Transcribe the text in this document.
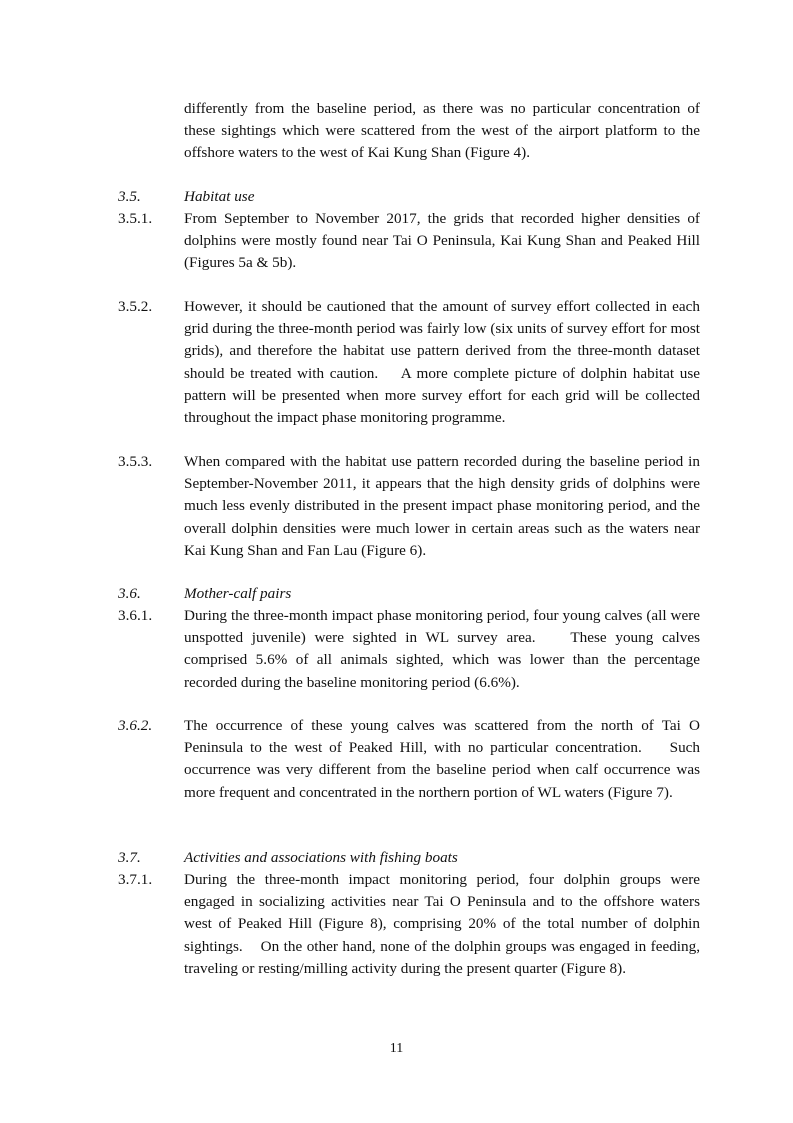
differently from the baseline period, as there was no particular concentration of these sightings which were scattered from the west of the airport platform to the offshore waters to the west of Kai Kung Shan (Figure 4).
3.5.	Habitat use
3.5.1.	From September to November 2017, the grids that recorded higher densities of dolphins were mostly found near Tai O Peninsula, Kai Kung Shan and Peaked Hill (Figures 5a & 5b).
3.5.2.	However, it should be cautioned that the amount of survey effort collected in each grid during the three-month period was fairly low (six units of survey effort for most grids), and therefore the habitat use pattern derived from the three-month dataset should be treated with caution.    A more complete picture of dolphin habitat use pattern will be presented when more survey effort for each grid will be collected throughout the impact phase monitoring programme.
3.5.3.	When compared with the habitat use pattern recorded during the baseline period in September-November 2011, it appears that the high density grids of dolphins were much less evenly distributed in the present impact phase monitoring period, and the overall dolphin densities were much lower in certain areas such as the waters near Kai Kung Shan and Fan Lau (Figure 6).
3.6.	Mother-calf pairs
3.6.1.	During the three-month impact phase monitoring period, four young calves (all were unspotted juvenile) were sighted in WL survey area.    These young calves comprised 5.6% of all animals sighted, which was lower than the percentage recorded during the baseline monitoring period (6.6%).
3.6.2.	The occurrence of these young calves was scattered from the north of Tai O Peninsula to the west of Peaked Hill, with no particular concentration.    Such occurrence was very different from the baseline period when calf occurrence was more frequent and concentrated in the northern portion of WL waters (Figure 7).
3.7.	Activities and associations with fishing boats
3.7.1.	During the three-month impact monitoring period, four dolphin groups were engaged in socializing activities near Tai O Peninsula and to the offshore waters west of Peaked Hill (Figure 8), comprising 20% of the total number of dolphin sightings.    On the other hand, none of the dolphin groups was engaged in feeding, traveling or resting/milling activity during the present quarter (Figure 8).
11
